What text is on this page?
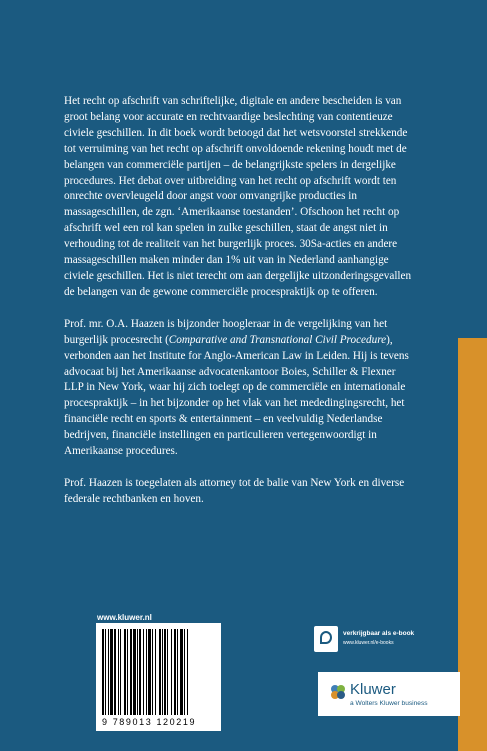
Het recht op afschrift van schriftelijke, digitale en andere bescheiden is van groot belang voor accurate en rechtvaardige beslechting van contentieuze civiele geschillen. In dit boek wordt betoogd dat het wetsvoorstel strekkende tot verruiming van het recht op afschrift onvoldoende rekening houdt met de belangen van commerciële partijen – de belangrijkste spelers in dergelijke procedures. Het debat over uitbreiding van het recht op afschrift wordt ten onrechte overvleugeld door angst voor omvangrijke producties in massageschillen, de zgn. ‘Amerikaanse toestanden’. Ofschoon het recht op afschrift wel een rol kan spelen in zulke geschillen, staat de angst niet in verhouding tot de realiteit van het burgerlijk proces. 30Sa-acties en andere massageschillen maken minder dan 1% uit van in Nederland aanhangige civiele geschillen. Het is niet terecht om aan dergelijke uitzonderingsgevallen de belangen van de gewone commerciële procespraktijk op te offeren.

Prof. mr. O.A. Haazen is bijzonder hoogleraar in de vergelijking van het burgerlijk procesrecht (Comparative and Transnational Civil Procedure), verbonden aan het Institute for Anglo-American Law in Leiden. Hij is tevens advocaat bij het Amerikaanse advocatenkantoor Boies, Schiller & Flexner LLP in New York, waar hij zich toelegt op de commerciële en internationale procespraktijk – in het bijzonder op het vlak van het mededingingsrecht, het financiële recht en sports & entertainment – en veelvuldig Nederlandse bedrijven, financiële instellingen en particulieren vertegenwoordigt in Amerikaanse procedures.

Prof. Haazen is toegelaten als attorney tot de balie van New York en diverse federale rechtbanken en hoven.

www.kluwer.nl
9 789013 120219
verkrijgbaar als e-book
www.kluwer.nl/e-books
Kluwer
a Wolters Kluwer business
